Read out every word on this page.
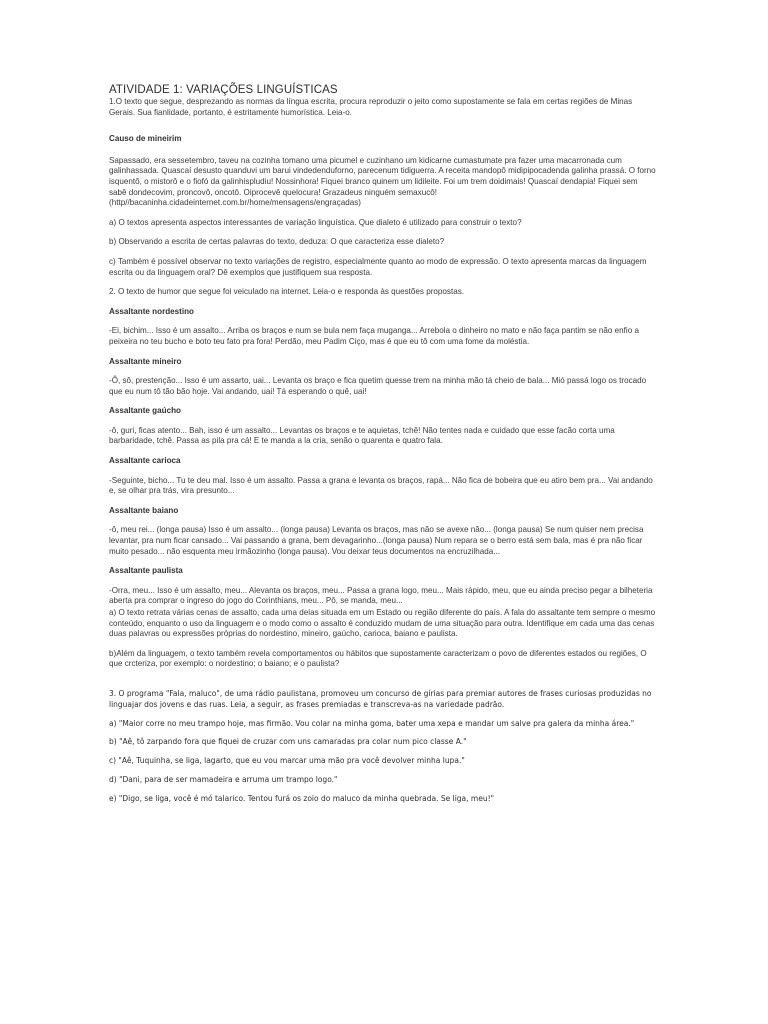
ATIVIDADE 1: VARIAÇÕES LINGUÍSTICAS

1.O texto que segue, desprezando as normas da língua escrita, procura reproduzir o jeito como supostamente se fala em certas regiões de Minas Gerais. Sua fianlidade, portanto, é estritamente humorística. Leia-o.

Causo de mineirim

Sapassado, era sessetembro, taveu na cozinha tomano uma picumel e cuzinhano um kidicarne cumastumate pra fazer uma macarronada cum galinhassada. Quascaí desusto quanduvi um barui vindedenduforno, parecenum tidiguerra. A receita mandopô midipipocadenda galinha prassá. O forno isquentô, o mistorô e o fiofó da galinhispludiu! Nossinhora! Fiquei branco quinem um lidileite. Foi um trem doidimais! Quascaí dendapia! Fiquei sem sabê dondecovim, proncovô, oncotô. Oiprocevê quelocura! Grazadeus ninguém semaxucô! (http//bacaninha.cidadeinternet.com.br/home/mensagens/engraçadas)

a) O textos apresenta aspectos interessantes de variação linguística. Que dialeto é utilizado para construir o texto?

b) Observando a escrita de certas palavras do texto, deduza: O que caracteriza esse dialeto?

c) Também é possível observar no texto variações de registro, especialmente quanto ao modo de expressão. O texto apresenta marcas da linguagem escrita ou da linguagem oral? Dê exemplos que justifiquem sua resposta.

2. O texto de humor que segue foi veiculado na internet. Leia-o e responda às questões propostas.

Assaltante nordestino

-Ei, bichim... Isso é um assalto... Arriba os braços e num se bula nem faça muganga... Arrebola o dinheiro no mato e não faça pantim se não enfio a peixeira no teu bucho e boto teu fato pra fora! Perdão, meu Padim Ciço, mas é que eu tô com uma fome da moléstia.

Assaltante mineiro

-Ô, sô, prestenção... Isso é um assarto, uai... Levanta os braço e fica quetim quesse trem na minha mão tá cheio de bala... Mió passá logo os trocado que eu num tô tão bão hoje. Vai andando, uai! Tá esperando o quê, uai!

Assaltante gaúcho

-ô, guri, ficas atento... Bah, isso é um assalto... Levantas os braços e te aquietas, tchê! Não tentes nada e cuidado que esse facão corta uma barbaridade, tchê. Passa as pila pra cá! E te manda a la cria, senão o quarenta e quatro fala.

Assaltante carioca

-Seguinte, bicho... Tu te deu mal. Isso é um assalto. Passa a grana e levanta os braços, rapá... Não fica de bobeira que eu atiro bem pra... Vai andando e, se olhar pra trás, vira presunto...

Assaltante baiano

-ô, meu rei... (longa pausa) Isso é um assalto... (longa pausa) Levanta os braços, mas não se avexe não... (longa pausa) Se num quiser nem precisa levantar, pra num ficar cansado... Vai passando a grana, bem devagarinho...(longa pausa) Num repara se o berro está sem bala, mas é pra não ficar muito pesado... não esquenta meu irmãozinho (longa pausa). Vou deixar teus documentos na encruzilhada...

Assaltante paulista

-Orra, meu... Isso é um assalto, meu... Alevanta os braços, meu... Passa a grana logo, meu... Mais rápido, meu, que eu ainda preciso pegar a bilheteria aberta pra comprar o ingreso do jogo do Corinthians, meu... Pô, se manda, meu...

a) O texto retrata várias cenas de assalto, cada uma delas situada em um Estado ou região diferente do país. A fala do assaltante tem sempre o mesmo conteúdo, enquanto o uso da linguagem e o modo como o assalto é conduzido mudam de uma situação para outra. Identifique em cada uma das cenas duas palavras ou expressões próprias do nordestino, mineiro, gaúcho, carioca, baiano e paulista.

b)Além da linguagem, o texto também revela comportamentos ou hábitos que supostamente caracterizam o povo de diferentes estados ou regiões, O que crcteriza, por exemplo: o nordestino; o baiano; e o paulista?

3. O programa "Fala, maluco", de uma rádio paulistana, promoveu um concurso de gírias para premiar autores de frases curiosas produzidas no linguajar dos jovens e das ruas. Leia, a seguir, as frases premiadas e transcreva-as na variedade padrão.

a) "Maior corre no meu trampo hoje, mas firmão. Vou colar na minha goma, bater uma xepa e mandar um salve pra galera da minha área."

b) "Aê, tô zarpando fora que fiquei de cruzar com uns camaradas pra colar num pico classe A."

c) "Aê, Tuquinha, se liga, lagarto, que eu vou marcar uma mão pra você devolver minha lupa."

d) "Dani, para de ser mamadeira e arruma um trampo logo."

e) "Digo, se liga, você é mó talarico. Tentou furá os zoio do maluco da minha quebrada. Se liga, meu!"
